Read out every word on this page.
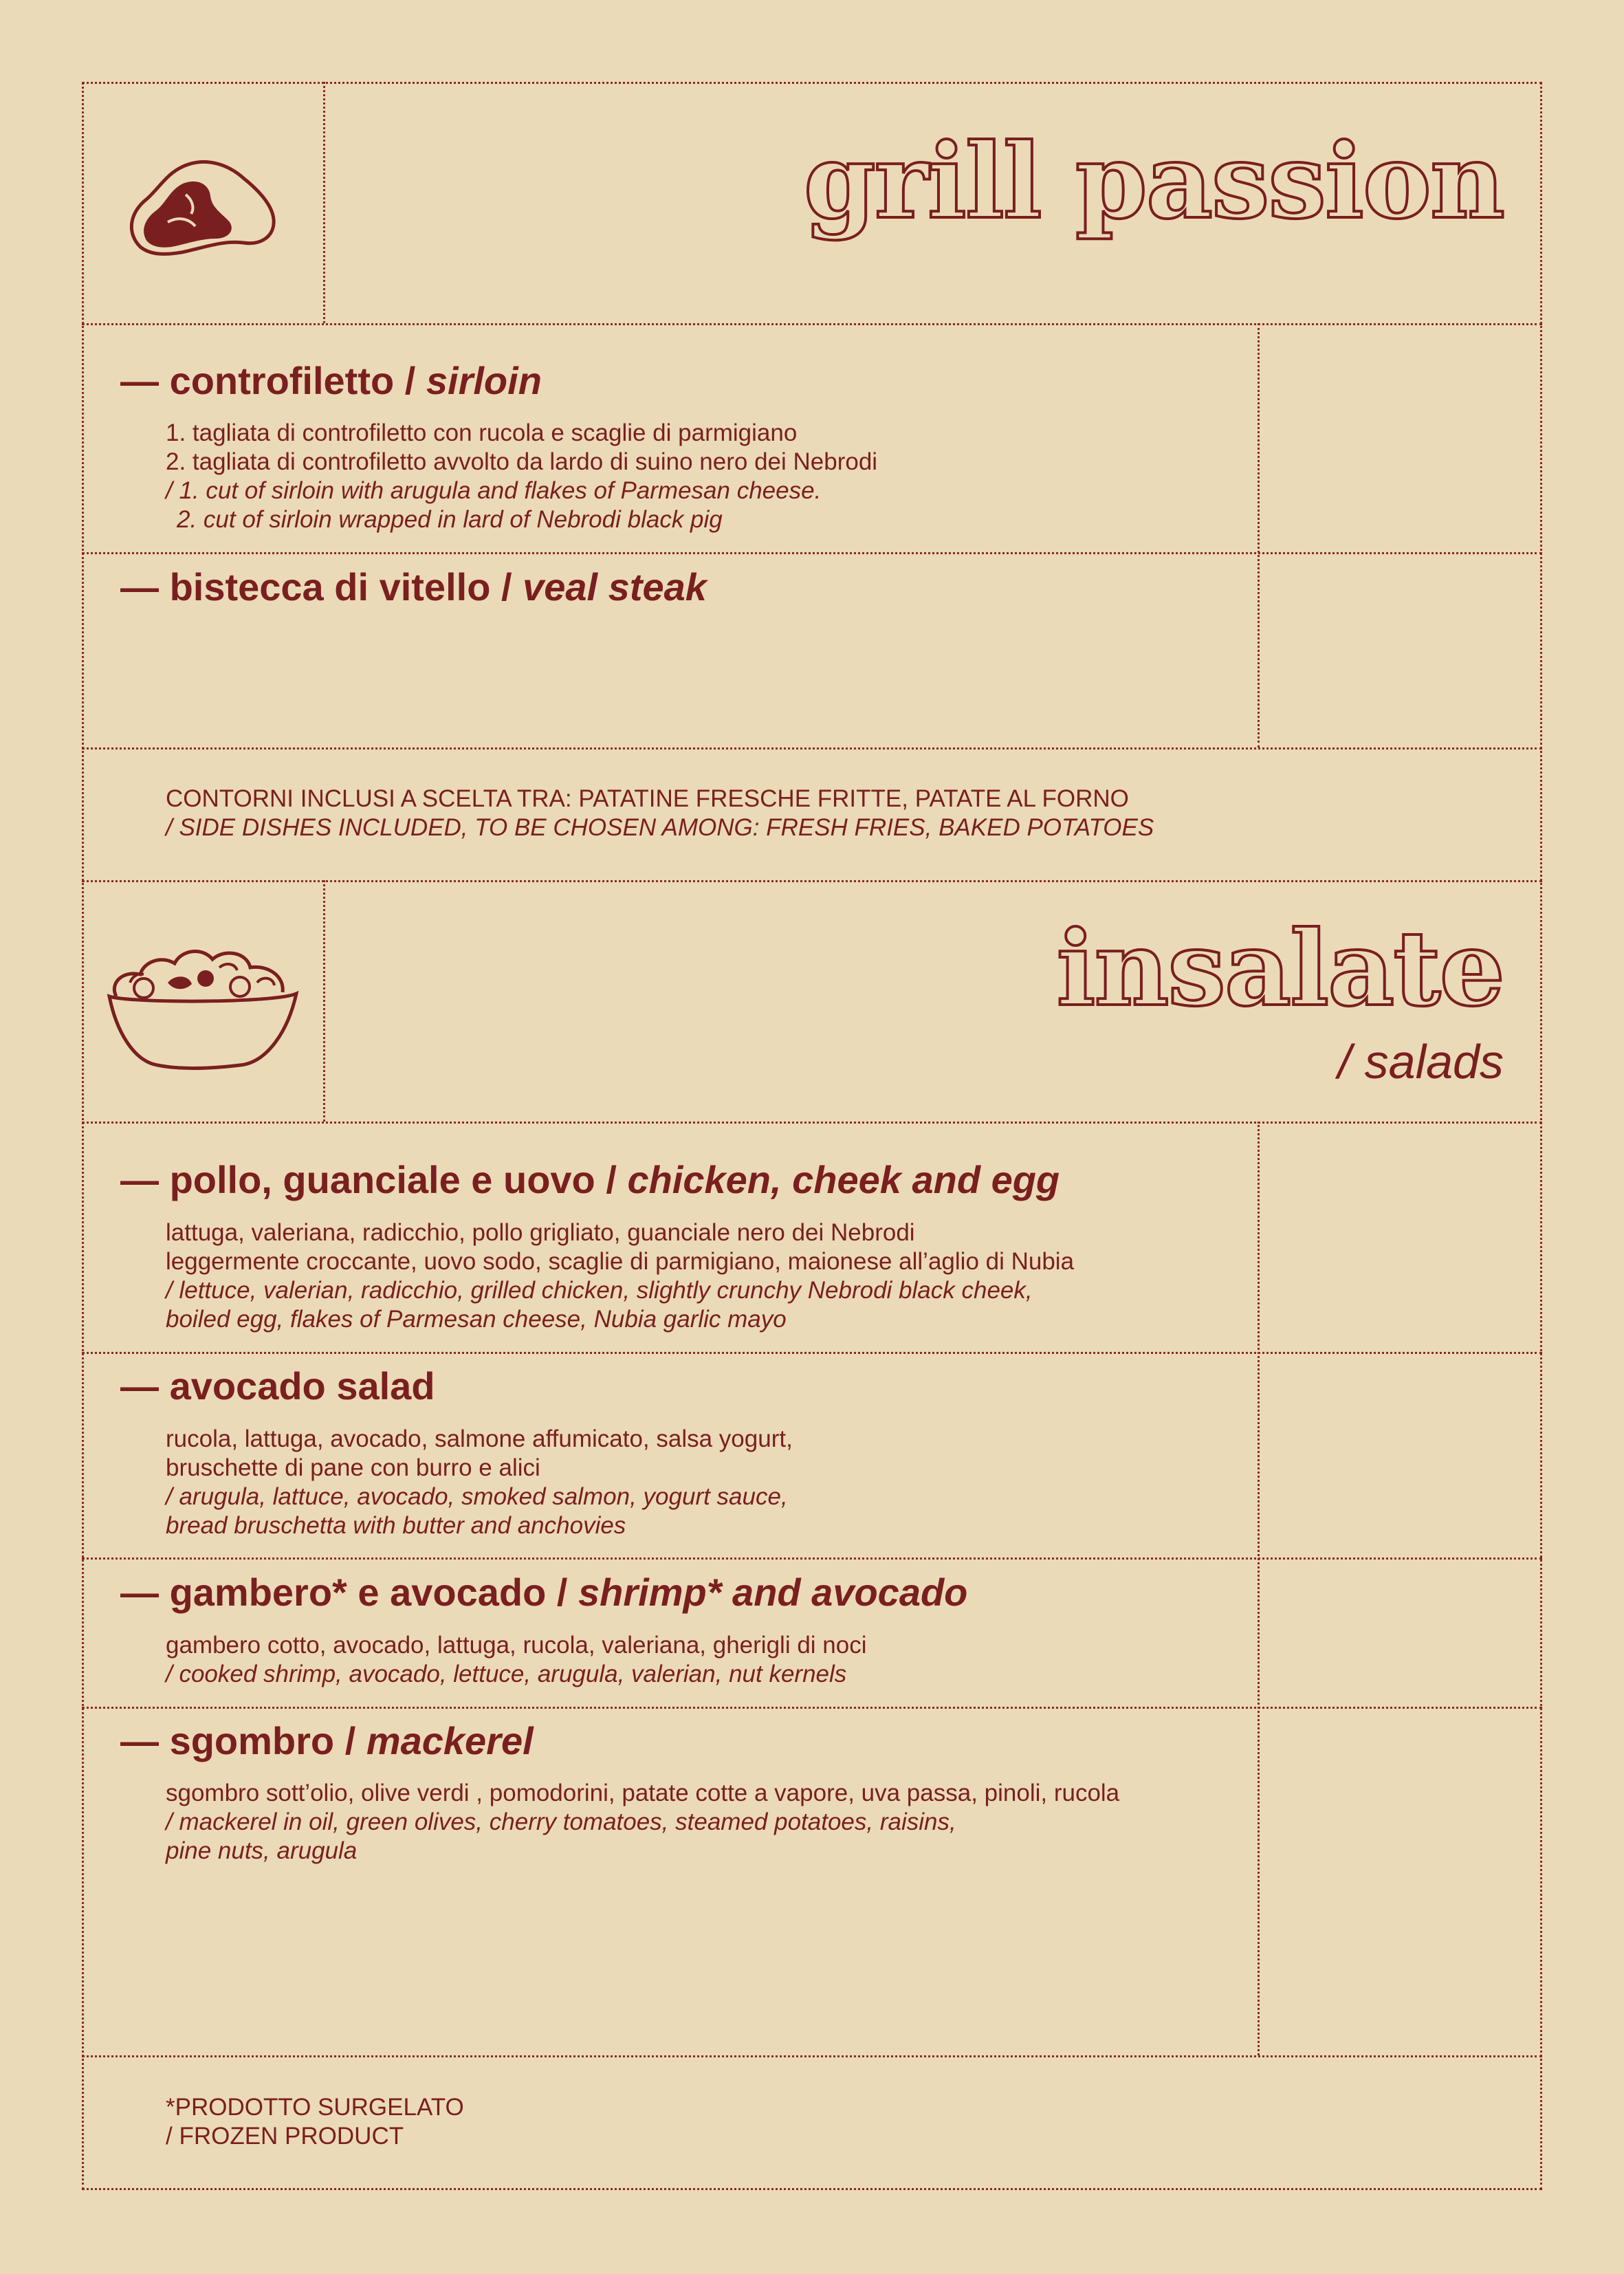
grill passion
— controfiletto / sirloin
1. tagliata di controfiletto con rucola e scaglie di parmigiano
2. tagliata di controfiletto avvolto da lardo di suino nero dei Nebrodi
/ 1. cut of sirloin with arugula and flakes of Parmesan cheese.
2. cut of sirloin wrapped in lard of Nebrodi black pig
— bistecca di vitello / veal steak
CONTORNI INCLUSI A SCELTA TRA: PATATINE FRESCHE FRITTE, PATATE AL FORNO
/ SIDE DISHES INCLUDED, TO BE CHOSEN AMONG: FRESH FRIES, BAKED POTATOES
insalate
/ salads
— pollo, guanciale e uovo / chicken, cheek and egg
lattuga, valeriana, radicchio, pollo grigliato, guanciale nero dei Nebrodi
leggermente croccante, uovo sodo, scaglie di parmigiano, maionese all’aglio di Nubia
/ lettuce, valerian, radicchio, grilled chicken, slightly crunchy Nebrodi black cheek,
boiled egg, flakes of Parmesan cheese, Nubia garlic mayo
— avocado salad
rucola, lattuga, avocado, salmone affumicato, salsa yogurt,
bruschette di pane con burro e alici
/ arugula, lattuce, avocado, smoked salmon, yogurt sauce,
bread bruschetta with butter and anchovies
— gambero* e avocado / shrimp* and avocado
gambero cotto, avocado, lattuga, rucola, valeriana, gherigli di noci
/ cooked shrimp, avocado, lettuce, arugula, valerian, nut kernels
— sgombro / mackerel
sgombro sott’olio, olive verdi , pomodorini, patate cotte a vapore, uva passa, pinoli, rucola
/ mackerel in oil, green olives, cherry tomatoes, steamed potatoes, raisins,
pine nuts, arugula
*PRODOTTO SURGELATO
/ FROZEN PRODUCT
